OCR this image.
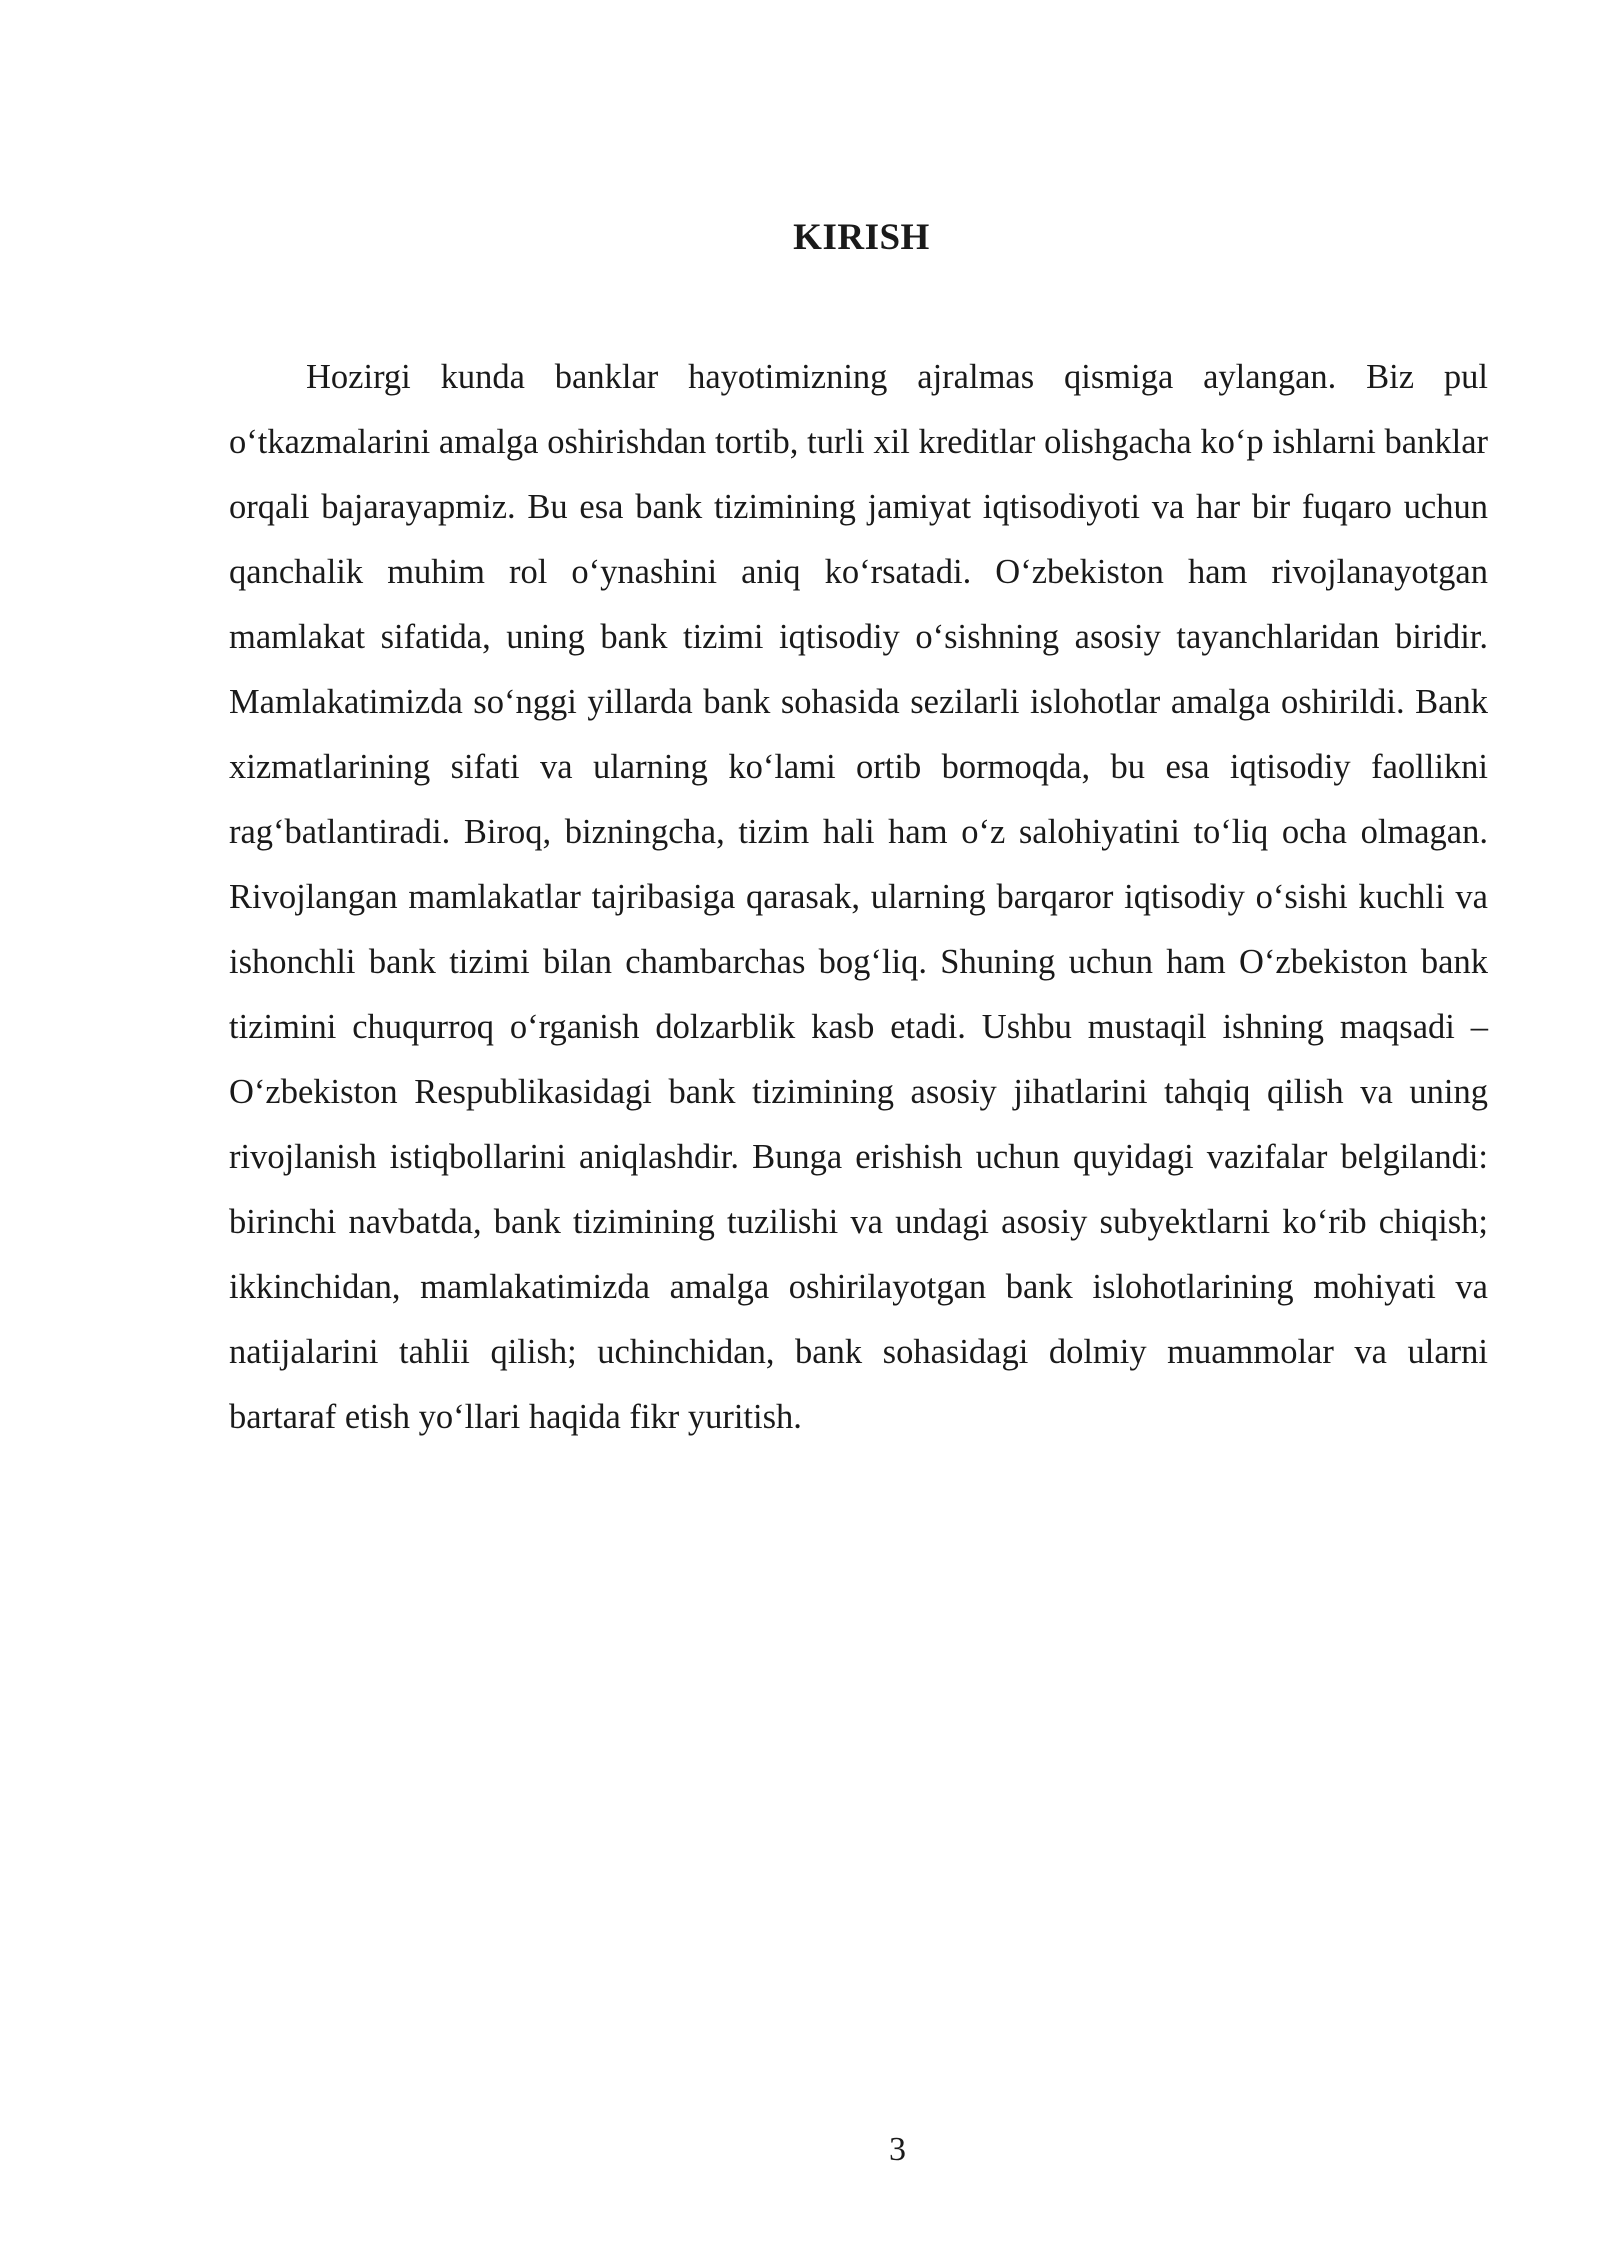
KIRISH

Hozirgi kunda banklar hayotimizning ajralmas qismiga aylangan. Biz pul o‘tkazmalarini amalga oshirishdan tortib, turli xil kreditlar olishgacha ko‘p ishlarni banklar orqali bajarayapmiz. Bu esa bank tizimining jamiyat iqtisodiyoti va har bir fuqaro uchun qanchalik muhim rol o‘ynashini aniq ko‘rsatadi. O‘zbekiston ham rivojlanayotgan mamlakat sifatida, uning bank tizimi iqtisodiy o‘sishning asosiy tayanchlaridan biridir. Mamlakatimizda so‘nggi yillarda bank sohasida sezilarli islohotlar amalga oshirildi. Bank xizmatlarining sifati va ularning ko‘lami ortib bormoqda, bu esa iqtisodiy faollikni rag‘batlantiradi. Biroq, bizningcha, tizim hali ham o‘z salohiyatini to‘liq ocha olmagan. Rivojlangan mamlakatlar tajribasiga qarasak, ularning barqaror iqtisodiy o‘sishi kuchli va ishonchli bank tizimi bilan chambarchas bog‘liq. Shuning uchun ham O‘zbekiston bank tizimini chuqurroq o‘rganish dolzarblik kasb etadi. Ushbu mustaqil ishning maqsadi – O‘zbekiston Respublikasidagi bank tizimining asosiy jihatlarini tahqiq qilish va uning rivojlanish istiqbollarini aniqlashdir. Bunga erishish uchun quyidagi vazifalar belgilandi: birinchi navbatda, bank tizimining tuzilishi va undagi asosiy subyektlarni ko‘rib chiqish; ikkinchidan, mamlakatimizda amalga oshirilayotgan bank islohotlarining mohiyati va natijalarini tahlii qilish; uchinchidan, bank sohasidagi dolmiy muammolar va ularni bartaraf etish yo‘llari haqida fikr yuritish.

3
